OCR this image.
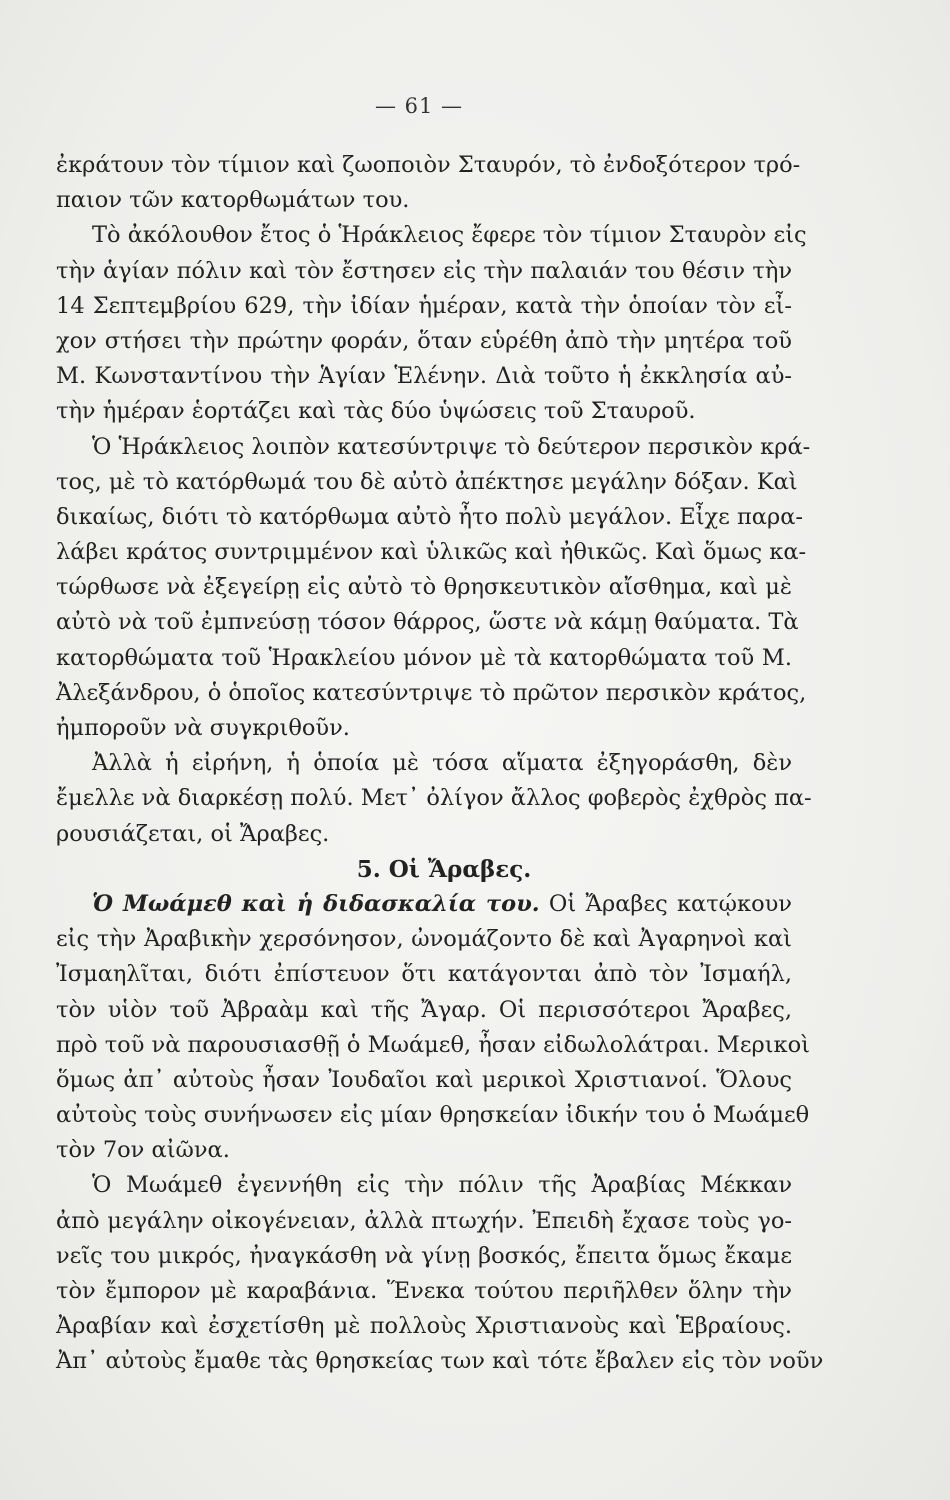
— 61 —
ἐκράτουν τὸν τίμιον καὶ ζωοποιὸν Σταυρόν, τὸ ἐνδοξότερον τρό-
παιον τῶν κατορθωμάτων του.
Τὸ ἀκόλουθον ἔτος ὁ Ἡράκλειος ἔφερε τὸν τίμιον Σταυρὸν εἰς
τὴν ἁγίαν πόλιν καὶ τὸν ἔστησεν εἰς τὴν παλαιάν του θέσιν τὴν
14 Σεπτεμβρίου 629, τὴν ἰδίαν ἡμέραν, κατὰ τὴν ὁποίαν τὸν εἶ-
χον στήσει τὴν πρώτην φοράν, ὅταν εὑρέθη ἀπὸ τὴν μητέρα τοῦ
Μ. Κωνσταντίνου τὴν Ἁγίαν Ἑλένην. Διὰ τοῦτο ἡ ἐκκλησία αὐ-
τὴν ἡμέραν ἑορτάζει καὶ τὰς δύο ὑψώσεις τοῦ Σταυροῦ.
Ὁ Ἡράκλειος λοιπὸν κατεσύντριψε τὸ δεύτερον περσικὸν κρά-
τος, μὲ τὸ κατόρθωμά του δὲ αὐτὸ ἀπέκτησε μεγάλην δόξαν. Καὶ
δικαίως, διότι τὸ κατόρθωμα αὐτὸ ἦτο πολὺ μεγάλον. Εἶχε παρα-
λάβει κράτος συντριμμένον καὶ ὑλικῶς καὶ ἠθικῶς. Καὶ ὅμως κα-
τώρθωσε νὰ ἐξεγείρῃ εἰς αὐτὸ τὸ θρησκευτικὸν αἴσθημα, καὶ μὲ
αὐτὸ νὰ τοῦ ἐμπνεύσῃ τόσον θάρρος, ὥστε νὰ κάμῃ θαύματα. Τὰ
κατορθώματα τοῦ Ἡρακλείου μόνον μὲ τὰ κατορθώματα τοῦ Μ.
Ἀλεξάνδρου, ὁ ὁποῖος κατεσύντριψε τὸ πρῶτον περσικὸν κράτος,
ἠμποροῦν νὰ συγκριθοῦν.
Ἀλλὰ ἡ εἰρήνη, ἡ ὁποία μὲ τόσα αἵματα ἐξηγοράσθη, δὲν
ἔμελλε νὰ διαρκέσῃ πολύ. Μετ᾽ ὀλίγον ἄλλος φοβερὸς ἐχθρὸς πα-
ρουσιάζεται, οἱ Ἄραβες.
5. Οἱ Ἄραβες.
Ὁ Μωάμεθ καὶ ἡ διδασκαλία του. Οἱ Ἄραβες κατῴκουν
εἰς τὴν Ἀραβικὴν χερσόνησον, ὠνομάζοντο δὲ καὶ Ἀγαρηνοὶ καὶ
Ἰσμαηλῖται, διότι ἐπίστευον ὅτι κατάγονται ἀπὸ τὸν Ἰσμαήλ,
τὸν υἱὸν τοῦ Ἀβραὰμ καὶ τῆς Ἄγαρ. Οἱ περισσότεροι Ἄραβες,
πρὸ τοῦ νὰ παρουσιασθῇ ὁ Μωάμεθ, ἦσαν εἰδωλολάτραι. Μερικοὶ
ὅμως ἀπ᾽ αὐτοὺς ἦσαν Ἰουδαῖοι καὶ μερικοὶ Χριστιανοί. Ὅλους
αὐτοὺς τοὺς συνήνωσεν εἰς μίαν θρησκείαν ἰδικήν του ὁ Μωάμεθ
τὸν 7ον αἰῶνα.
Ὁ Μωάμεθ ἐγεννήθη εἰς τὴν πόλιν τῆς Ἀραβίας Μέκκαν
ἀπὸ μεγάλην οἰκογένειαν, ἀλλὰ πτωχήν. Ἐπειδὴ ἔχασε τοὺς γο-
νεῖς του μικρός, ἠναγκάσθη νὰ γίνῃ βοσκός, ἔπειτα ὅμως ἔκαμε
τὸν ἔμπορον μὲ καραβάνια. Ἕνεκα τούτου περιῆλθεν ὅλην τὴν
Ἀραβίαν καὶ ἐσχετίσθη μὲ πολλοὺς Χριστιανοὺς καὶ Ἑβραίους.
Ἀπ᾽ αὐτοὺς ἔμαθε τὰς θρησκείας των καὶ τότε ἔβαλεν εἰς τὸν νοῦν
